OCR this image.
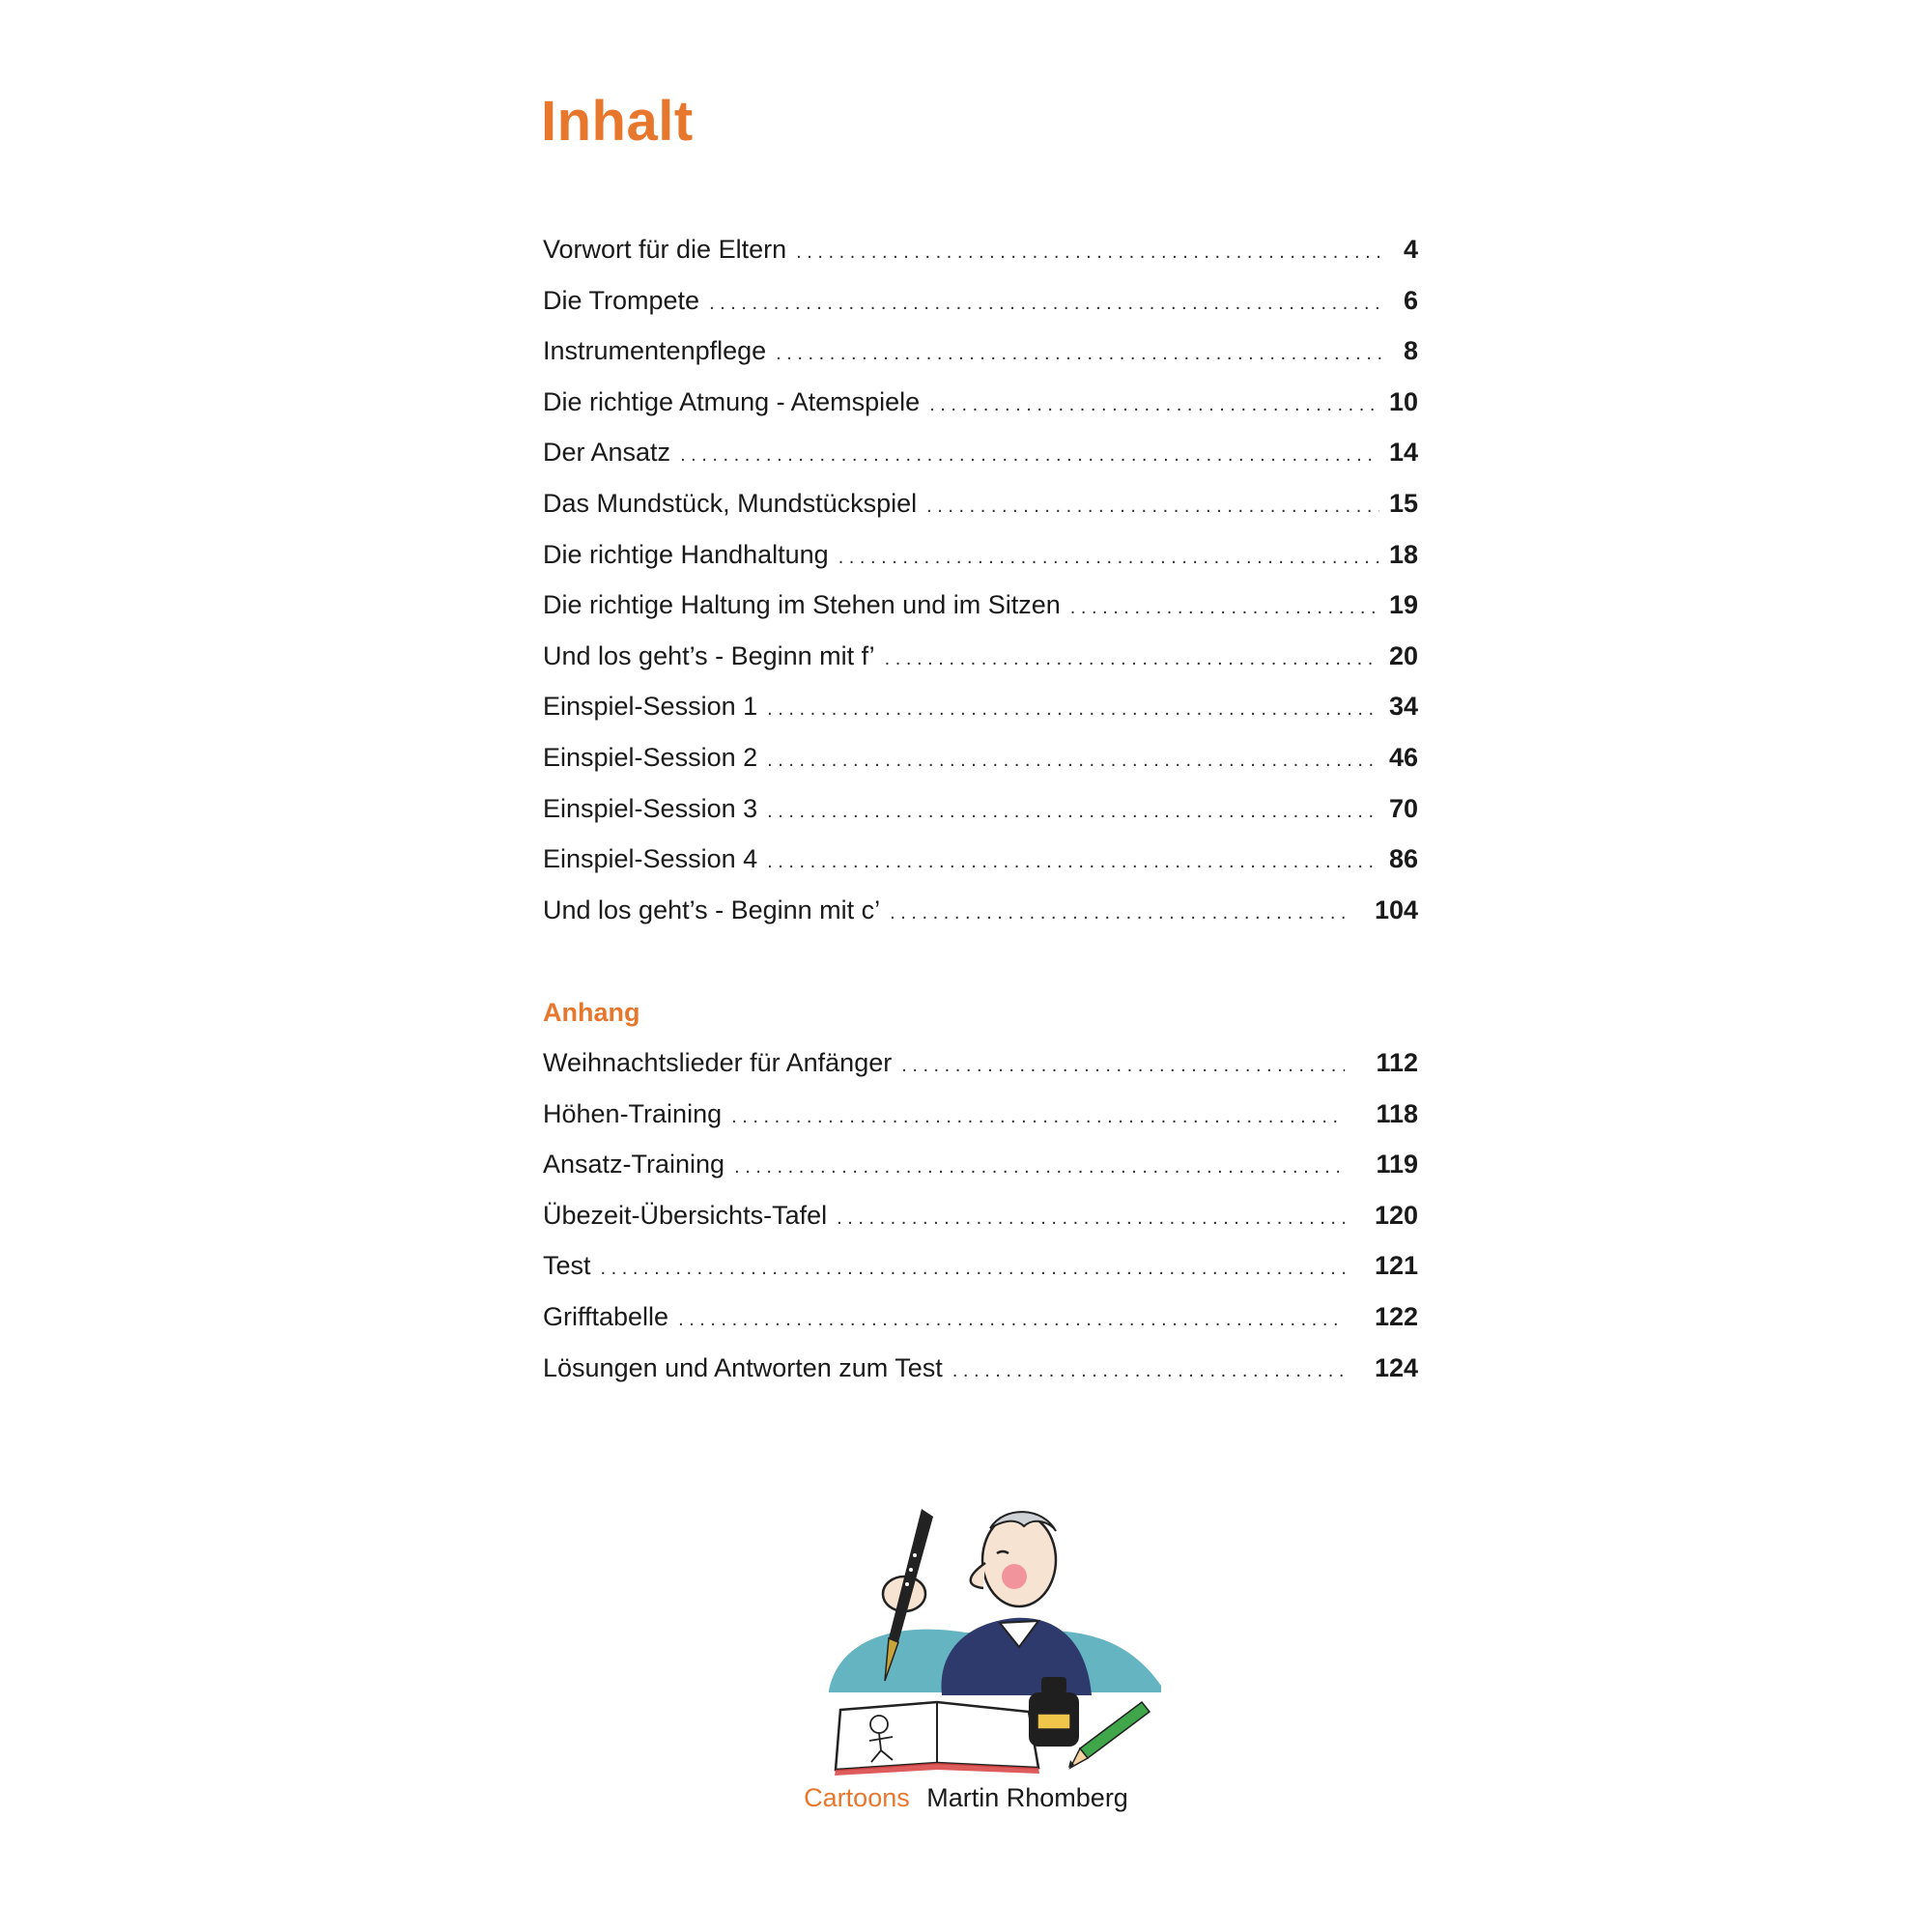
Inhalt
Vorwort für die Eltern . . .	4
Die Trompete . . .	6
Instrumentenpflege . . .	8
Die richtige Atmung - Atemspiele . . .	10
Der Ansatz . . .	14
Das Mundstück, Mundstückspiel . . .	15
Die richtige Handhaltung . . .	18
Die richtige Haltung im Stehen und im Sitzen . . .	19
Und los geht’s - Beginn mit f’ . . .	20
Einspiel-Session 1 . . .	34
Einspiel-Session 2 . . .	46
Einspiel-Session 3 . . .	70
Einspiel-Session 4 . . .	86
Und los geht’s - Beginn mit c’ . . .	104
Anhang
Weihnachtslieder für Anfänger . . .	112
Höhen-Training . . .	118
Ansatz-Training . . .	119
Übezeit-Übersichts-Tafel . . .	120
Test . . .	121
Grifftabelle . . .	122
Lösungen und Antworten zum Test . . .	124
Cartoons Martin Rhomberg
